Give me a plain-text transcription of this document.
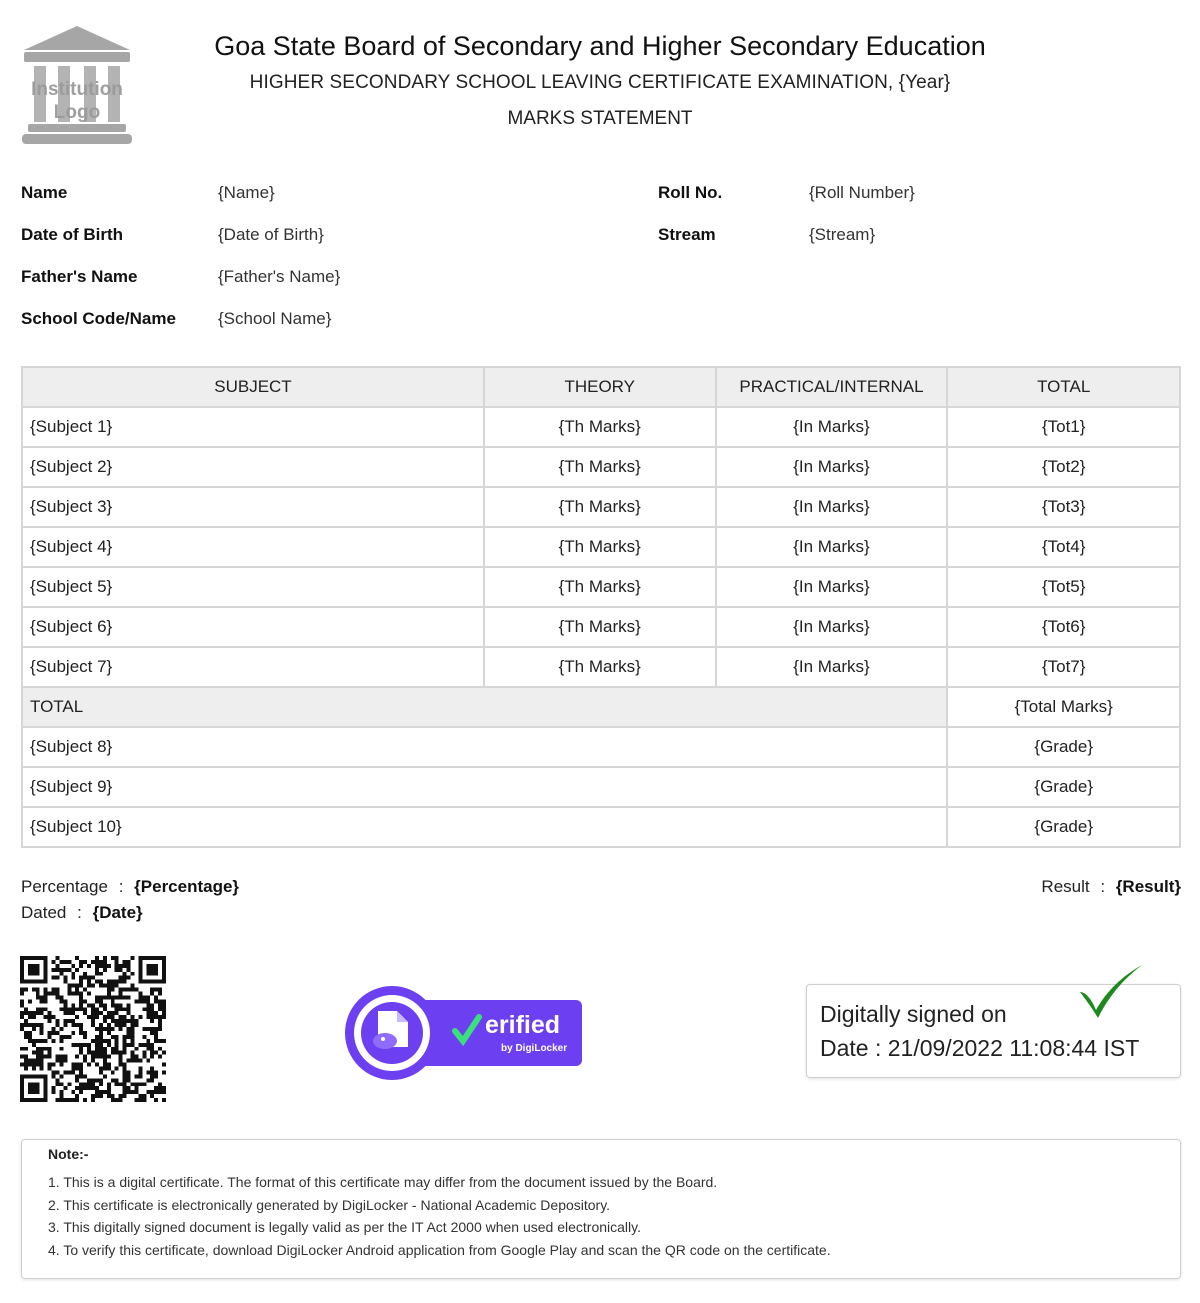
Institution Logo
Goa State Board of Secondary and Higher Secondary Education
HIGHER SECONDARY SCHOOL LEAVING CERTIFICATE EXAMINATION, {Year}
MARKS STATEMENT
Name	{Name}
Date of Birth	{Date of Birth}
Father's Name	{Father's Name}
School Code/Name {School Name}
Roll No.	{Roll Number}
Stream	{Stream}
SUBJECT	THEORY	PRACTICAL/INTERNAL	TOTAL
{Subject 1}	{Th Marks}	{In Marks}	{Tot1}
{Subject 2}	{Th Marks}	{In Marks}	{Tot2}
{Subject 3}	{Th Marks}	{In Marks}	{Tot3}
{Subject 4}	{Th Marks}	{In Marks}	{Tot4}
{Subject 5}	{Th Marks}	{In Marks}	{Tot5}
{Subject 6}	{Th Marks}	{In Marks}	{Tot6}
{Subject 7}	{Th Marks}	{In Marks}	{Tot7}
TOTAL			{Total Marks}
{Subject 8}			{Grade}
{Subject 9}			{Grade}
{Subject 10}			{Grade}
Percentage : {Percentage}
Dated : {Date}
Result : {Result}
erified
by DigiLocker
Digitally signed on
Date : 21/09/2022 11:08:44 IST
Note:-
1. This is a digital certificate. The format of this certificate may differ from the document issued by the Board.
2. This certificate is electronically generated by DigiLocker - National Academic Depository.
3. This digitally signed document is legally valid as per the IT Act 2000 when used electronically.
4. To verify this certificate, download DigiLocker Android application from Google Play and scan the QR code on the certificate.
